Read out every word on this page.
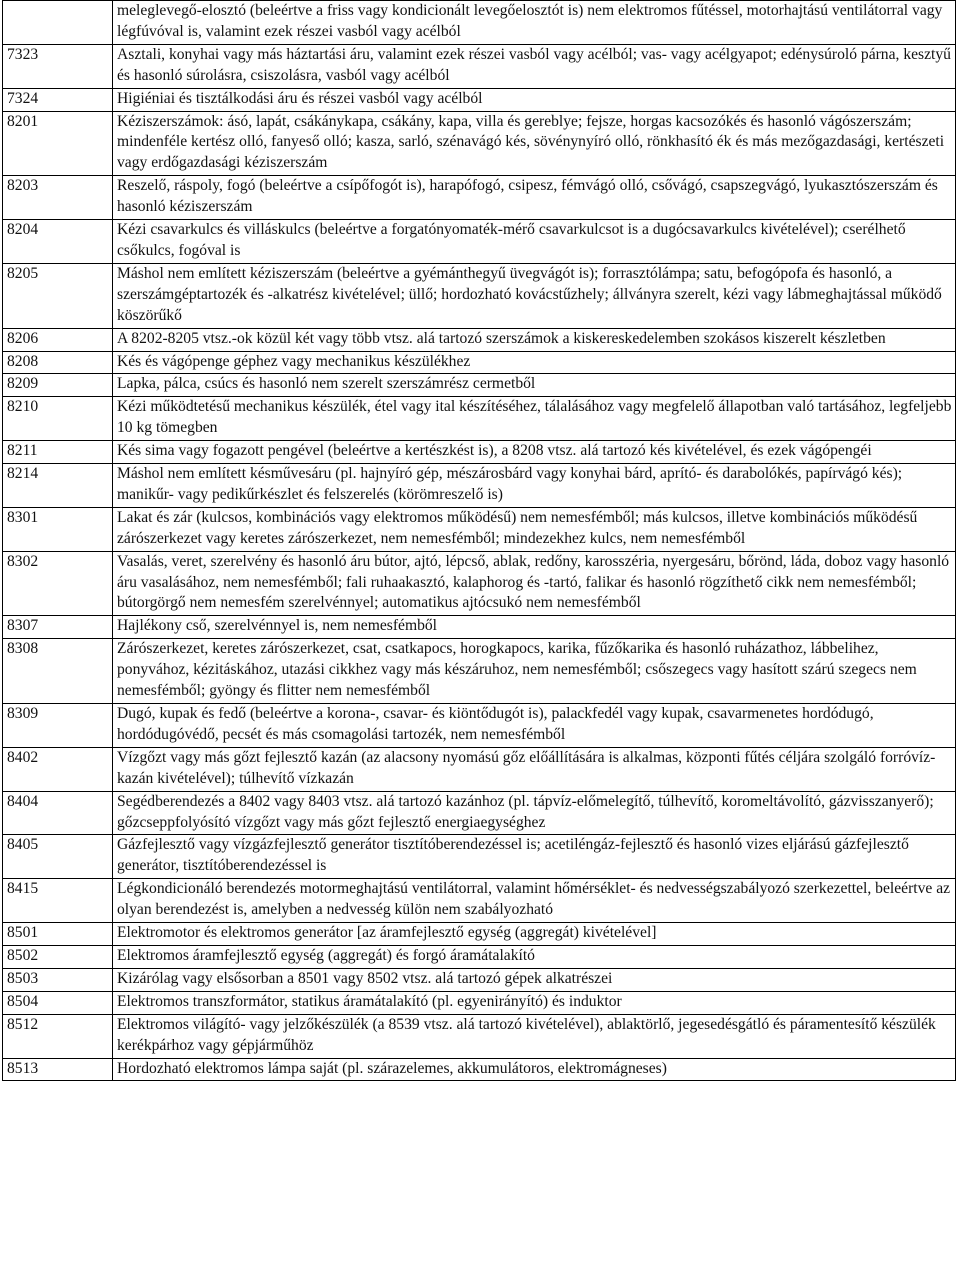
	meleglevegő-elosztó (beleértve a friss vagy kondicionált levegőelosztót is) nem elektromos fűtéssel, motorhajtású ventilátorral vagy légfúvóval is, valamint ezek részei vasból vagy acélból
7323	Asztali, konyhai vagy más háztartási áru, valamint ezek részei vasból vagy acélból; vas- vagy acélgyapot; edénysúroló párna, kesztyű és hasonló súrolásra, csiszolásra, vasból vagy acélból
7324	Higiéniai és tisztálkodási áru és részei vasból vagy acélból
8201	Kéziszerszámok: ásó, lapát, csákánykapa, csákány, kapa, villa és gereblye; fejsze, horgas kacsozókés és hasonló vágószerszám; mindenféle kertész olló, fanyeső olló; kasza, sarló, szénavágó kés, sövénynyíró olló, rönkhasító ék és más mezőgazdasági, kertészeti vagy erdőgazdasági kéziszerszám
8203	Reszelő, ráspoly, fogó (beleértve a csípőfogót is), harapófogó, csipesz, fémvágó olló, csővágó, csapszegvágó, lyukasztószerszám és hasonló kéziszerszám
8204	Kézi csavarkulcs és villáskulcs (beleértve a forgatónyomaték-mérő csavarkulcsot is a dugócsavarkulcs kivételével); cserélhető csőkulcs, fogóval is
8205	Máshol nem említett kéziszerszám (beleértve a gyémánthegyű üvegvágót is); forrasztólámpa; satu, befogópofa és hasonló, a szerszámgéptartozék és -alkatrész kivételével; üllő; hordozható kovácstűzhely; állványra szerelt, kézi vagy lábmeghajtással működő köszörűkő
8206	A 8202-8205 vtsz.-ok közül két vagy több vtsz. alá tartozó szerszámok a kiskereskedelemben szokásos kiszerelt készletben
8208	Kés és vágópenge géphez vagy mechanikus készülékhez
8209	Lapka, pálca, csúcs és hasonló nem szerelt szerszámrész cermetből
8210	Kézi működtetésű mechanikus készülék, étel vagy ital készítéséhez, tálalásához vagy megfelelő állapotban való tartásához, legfeljebb 10 kg tömegben
8211	Kés sima vagy fogazott pengével (beleértve a kertészkést is), a 8208 vtsz. alá tartozó kés kivételével, és ezek vágópengéi
8214	Máshol nem említett késművesáru (pl. hajnyíró gép, mészárosbárd vagy konyhai bárd, aprító- és darabolókés, papírvágó kés); manikűr- vagy pedikűrkészlet és felszerelés (körömreszelő is)
8301	Lakat és zár (kulcsos, kombinációs vagy elektromos működésű) nem nemesfémből; más kulcsos, illetve kombinációs működésű zárószerkezet vagy keretes zárószerkezet, nem nemesfémből; mindezekhez kulcs, nem nemesfémből
8302	Vasalás, veret, szerelvény és hasonló áru bútor, ajtó, lépcső, ablak, redőny, karosszéria, nyergesáru, bőrönd, láda, doboz vagy hasonló áru vasalásához, nem nemesfémből; fali ruhaakasztó, kalaphorog és -tartó, falikar és hasonló rögzíthető cikk nem nemesfémből; bútorgörgő nem nemesfém szerelvénnyel; automatikus ajtócsukó nem nemesfémből
8307	Hajlékony cső, szerelvénnyel is, nem nemesfémből
8308	Zárószerkezet, keretes zárószerkezet, csat, csatkapocs, horogkapocs, karika, fűzőkarika és hasonló ruházathoz, lábbelihez, ponyvához, kézitáskához, utazási cikkhez vagy más készáruhoz, nem nemesfémből; csőszegecs vagy hasított szárú szegecs nem nemesfémből; gyöngy és flitter nem nemesfémből
8309	Dugó, kupak és fedő (beleértve a korona-, csavar- és kiöntődugót is), palackfedél vagy kupak, csavarmenetes hordódugó, hordódugóvédő, pecsét és más csomagolási tartozék, nem nemesfémből
8402	Vízgőzt vagy más gőzt fejlesztő kazán (az alacsony nyomású gőz előállítására is alkalmas, központi fűtés céljára szolgáló forróvíz-kazán kivételével); túlhevítő vízkazán
8404	Segédberendezés a 8402 vagy 8403 vtsz. alá tartozó kazánhoz (pl. tápvíz-előmelegítő, túlhevítő, koromeltávolító, gázvisszanyerő); gőzcseppfolyósító vízgőzt vagy más gőzt fejlesztő energiaegységhez
8405	Gázfejlesztő vagy vízgázfejlesztő generátor tisztítóberendezéssel is; acetiléngáz-fejlesztő és hasonló vizes eljárású gázfejlesztő generátor, tisztítóberendezéssel is
8415	Légkondicionáló berendezés motormeghajtású ventilátorral, valamint hőmérséklet- és nedvességszabályozó szerkezettel, beleértve az olyan berendezést is, amelyben a nedvesség külön nem szabályozható
8501	Elektromotor és elektromos generátor [az áramfejlesztő egység (aggregát) kivételével]
8502	Elektromos áramfejlesztő egység (aggregát) és forgó áramátalakító
8503	Kizárólag vagy elsősorban a 8501 vagy 8502 vtsz. alá tartozó gépek alkatrészei
8504	Elektromos transzformátor, statikus áramátalakító (pl. egyenirányító) és induktor
8512	Elektromos világító- vagy jelzőkészülék (a 8539 vtsz. alá tartozó kivételével), ablaktörlő, jegesedésgátló és páramentesítő készülék kerékpárhoz vagy gépjárműhöz
8513	Hordozható elektromos lámpa saját (pl. szárazelemes, akkumulátoros, elektromágneses)
